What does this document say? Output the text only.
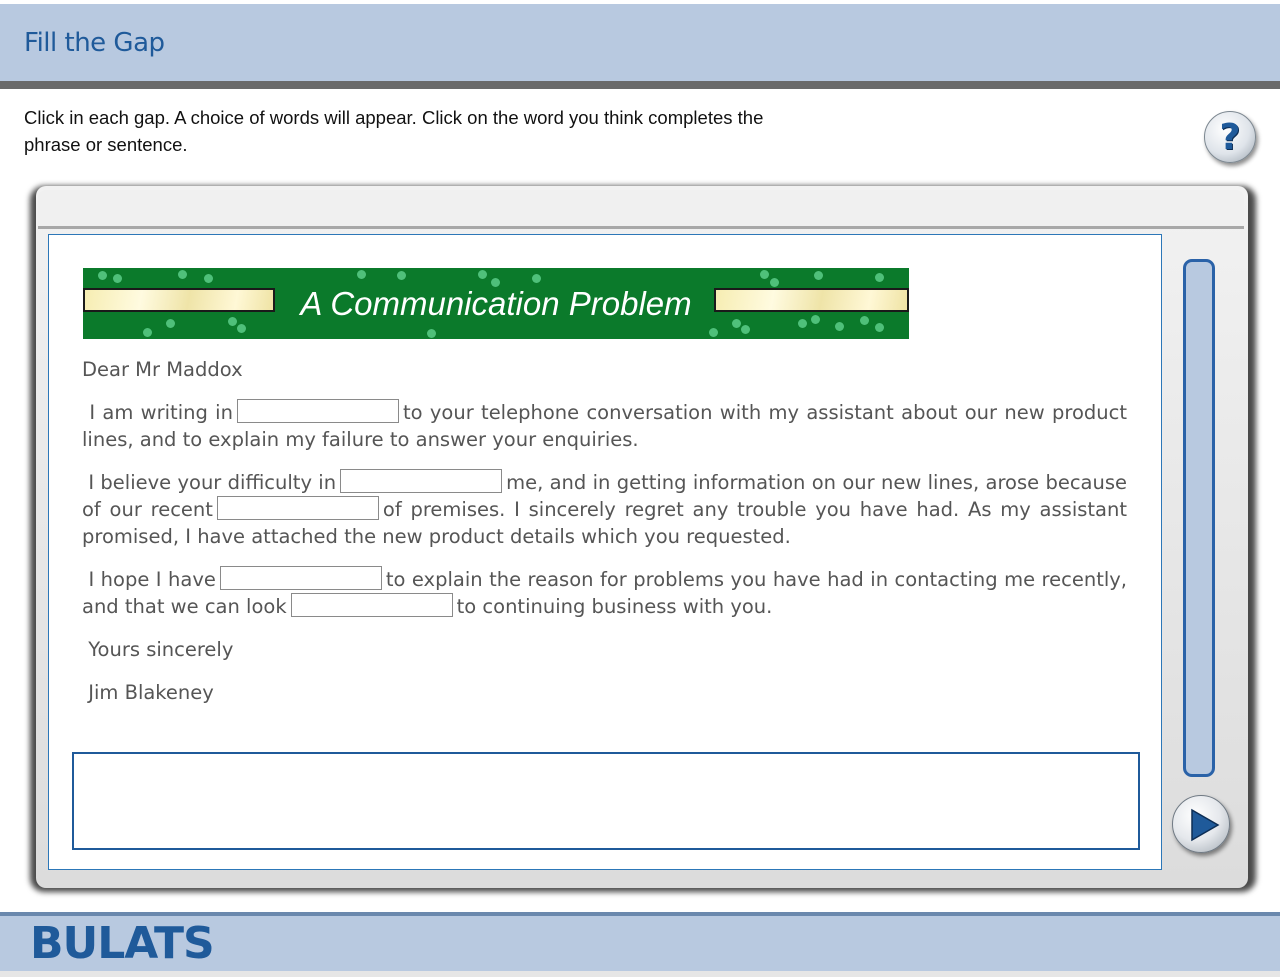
Fill the Gap
Click in each gap. A choice of words will appear. Click on the word you think completes the
phrase or sentence.	?
A Communication Problem

Dear Mr Maddox

I am writing in	to your telephone conversation with my assistant about our new product lines, and to explain my failure to answer your enquiries.

I believe your difficulty in	me, and in getting information on our new lines, arose because of our recent	of premises. I sincerely regret any trouble you have had. As my assistant promised, I have attached the new product details which you requested.

I hope I have	to explain the reason for problems you have had in contacting me recently, and that we can look	to continuing business with you.

Yours sincerely

Jim Blakeney

BULATS
